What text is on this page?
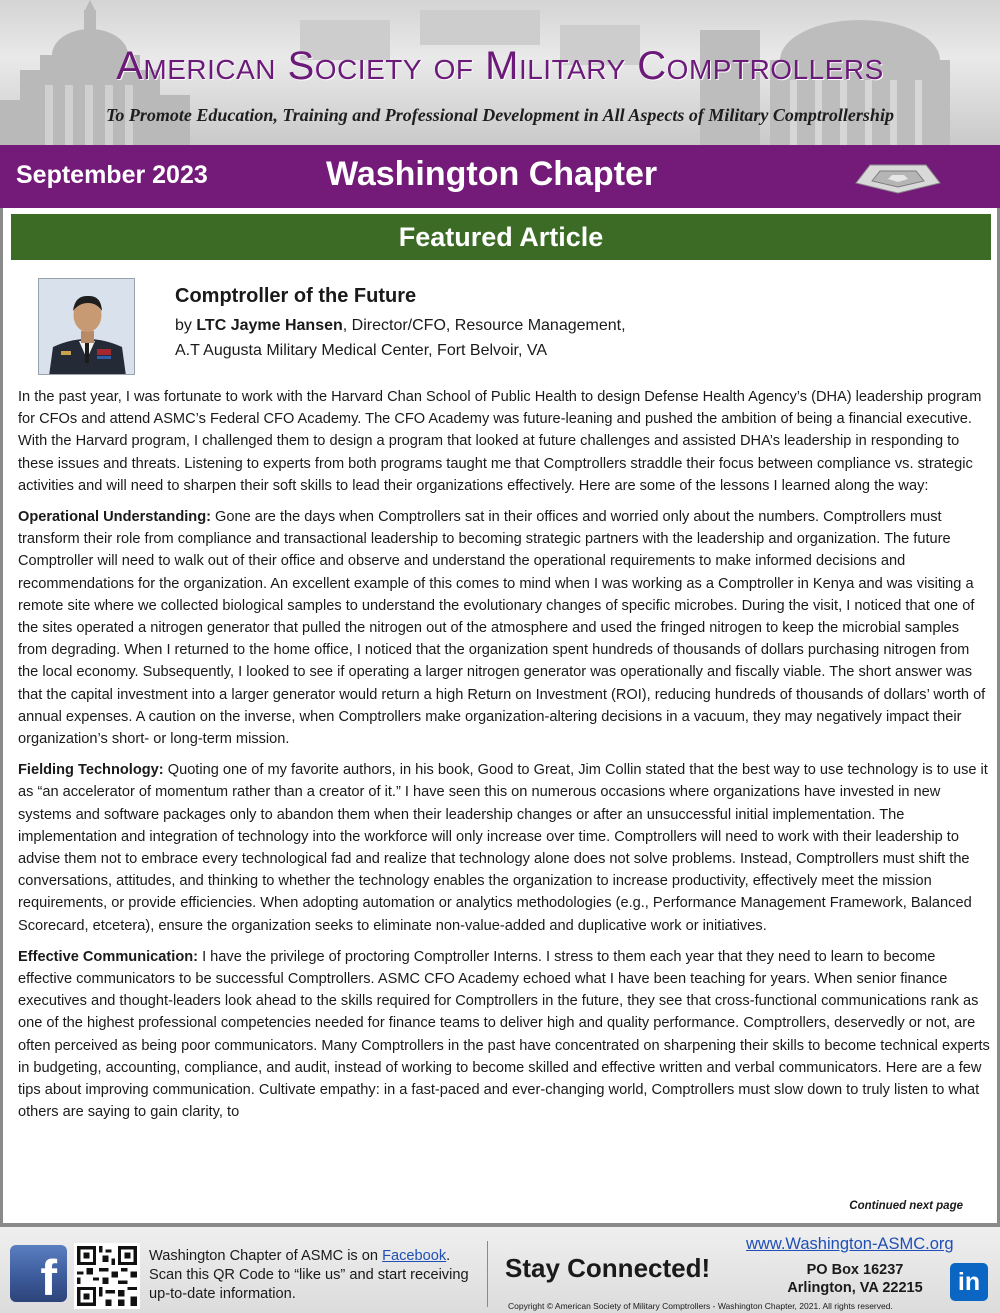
American Society of Military Comptrollers
To Promote Education, Training and Professional Development in All Aspects of Military Comptrollership
September 2023	Washington Chapter
Featured Article
Comptroller of the Future
by LTC Jayme Hansen, Director/CFO, Resource Management,
A.T Augusta Military Medical Center, Fort Belvoir, VA

In the past year, I was fortunate to work with the Harvard Chan School of Public Health to design Defense Health Agency’s (DHA) leadership program for CFOs and attend ASMC’s Federal CFO Academy. The CFO Academy was future-leaning and pushed the ambition of being a financial executive. With the Harvard program, I challenged them to design a program that looked at future challenges and assisted DHA’s leadership in responding to these issues and threats. Listening to experts from both programs taught me that Comptrollers straddle their focus between compliance vs. strategic activities and will need to sharpen their soft skills to lead their organizations effectively. Here are some of the lessons I learned along the way:

Operational Understanding: Gone are the days when Comptrollers sat in their offices and worried only about the numbers. Comptrollers must transform their role from compliance and transactional leadership to becoming strategic partners with the leadership and organization. The future Comptroller will need to walk out of their office and observe and understand the operational requirements to make informed decisions and recommendations for the organization. An excellent example of this comes to mind when I was working as a Comptroller in Kenya and was visiting a remote site where we collected biological samples to understand the evolutionary changes of specific microbes. During the visit, I noticed that one of the sites operated a nitrogen generator that pulled the nitrogen out of the atmosphere and used the fringed nitrogen to keep the microbial samples from degrading. When I returned to the home office, I noticed that the organization spent hundreds of thousands of dollars purchasing nitrogen from the local economy. Subsequently, I looked to see if operating a larger nitrogen generator was operationally and fiscally viable. The short answer was that the capital investment into a larger generator would return a high Return on Investment (ROI), reducing hundreds of thousands of dollars’ worth of annual expenses. A caution on the inverse, when Comptrollers make organization-altering decisions in a vacuum, they may negatively impact their organization’s short- or long-term mission.

Fielding Technology: Quoting one of my favorite authors, in his book, Good to Great, Jim Collin stated that the best way to use technology is to use it as “an accelerator of momentum rather than a creator of it.” I have seen this on numerous occasions where organizations have invested in new systems and software packages only to abandon them when their leadership changes or after an unsuccessful initial implementation. The implementation and integration of technology into the workforce will only increase over time. Comptrollers will need to work with their leadership to advise them not to embrace every technological fad and realize that technology alone does not solve problems. Instead, Comptrollers must shift the conversations, attitudes, and thinking to whether the technology enables the organization to increase productivity, effectively meet the mission requirements, or provide efficiencies. When adopting automation or analytics methodologies (e.g., Performance Management Framework, Balanced Scorecard, etcetera), ensure the organization seeks to eliminate non-value-added and duplicative work or initiatives.

Effective Communication: I have the privilege of proctoring Comptroller Interns. I stress to them each year that they need to learn to become effective communicators to be successful Comptrollers. ASMC CFO Academy echoed what I have been teaching for years. When senior finance executives and thought-leaders look ahead to the skills required for Comptrollers in the future, they see that cross-functional communications rank as one of the highest professional competencies needed for finance teams to deliver high and quality performance. Comptrollers, deservedly or not, are often perceived as being poor communicators. Many Comptrollers in the past have concentrated on sharpening their skills to become technical experts in budgeting, accounting, compliance, and audit, instead of working to become skilled and effective written and verbal communicators. Here are a few tips about improving communication. Cultivate empathy: in a fast-paced and ever-changing world, Comptrollers must slow down to truly listen to what others are saying to gain clarity, to

Continued next page
f	Washington Chapter of ASMC is on Facebook.
Scan this QR Code to “like us” and start receiving up-to-date information.
Stay Connected!
www.Washington-ASMC.org
PO Box 16237
Arlington, VA 22215	in
Copyright © American Society of Military Comptrollers - Washington Chapter, 2021. All rights reserved.
